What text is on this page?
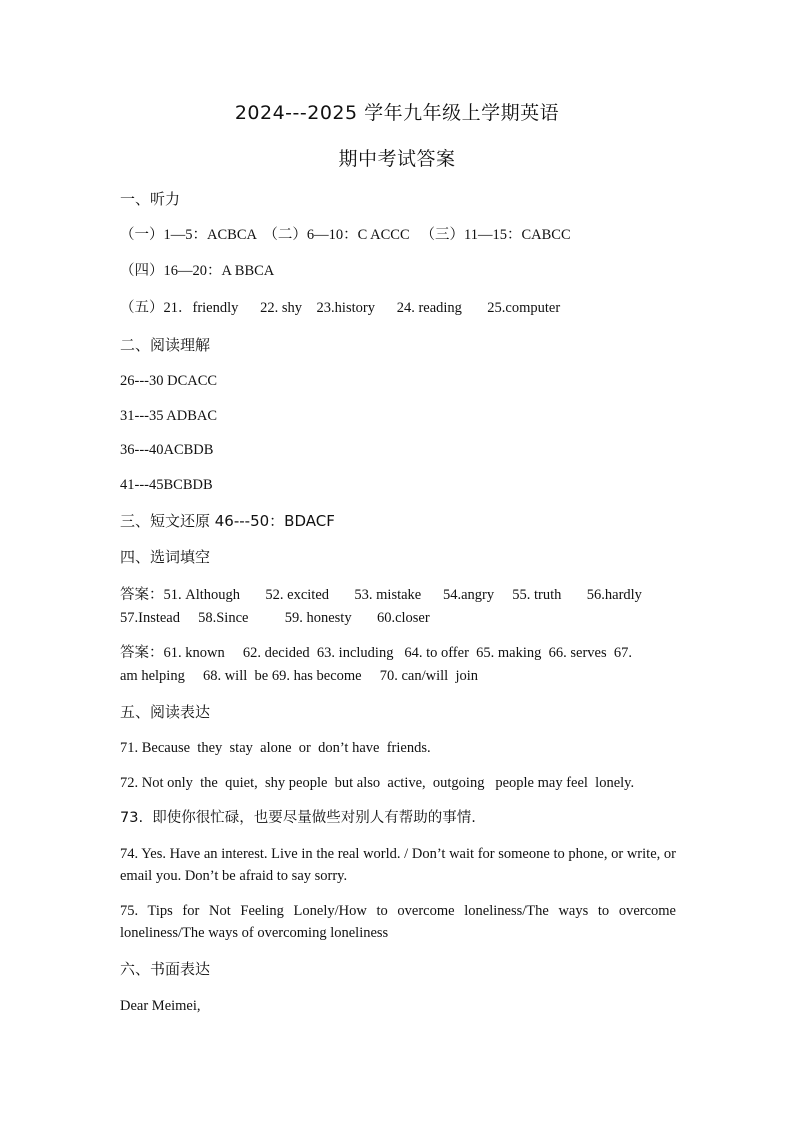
2024---2025 学年九年级上学期英语
期中考试答案
一、听力
（一）1—5：ACBCA  （二）6—10：C ACCC   （三）11—15：CABCC
（四）16—20：A BBCA
（五）21．friendly      22. shy    23.history      24. reading       25.computer
二、阅读理解
26---30 DCACC
31---35 ADBAC
36---40ACBDB
41---45BCBDB
三、短文还原 46---50：BDACF
四、选词填空
答案：51. Although       52. excited       53. mistake      54.angry     55. truth       56.hardly
57.Instead     58.Since          59. honesty       60.closer
答案：61. known     62. decided  63. including   64. to offer  65. making  66. serves  67.
am helping     68. will  be 69. has become     70. can/will  join
五、阅读表达
71. Because  they  stay  alone  or  don’t have  friends.
72. Not only  the  quiet,  shy people  but also  active,  outgoing   people may feel  lonely.
73.  即使你很忙碌，也要尽量做些对别人有帮助的事情.
74. Yes. Have an interest. Live in the real world. / Don’t wait for someone to phone, or write, or email you. Don’t be afraid to say sorry.
75. Tips for Not Feeling Lonely/How to overcome loneliness/The ways to overcome loneliness/The ways of overcoming loneliness
六、书面表达
Dear Meimei,
